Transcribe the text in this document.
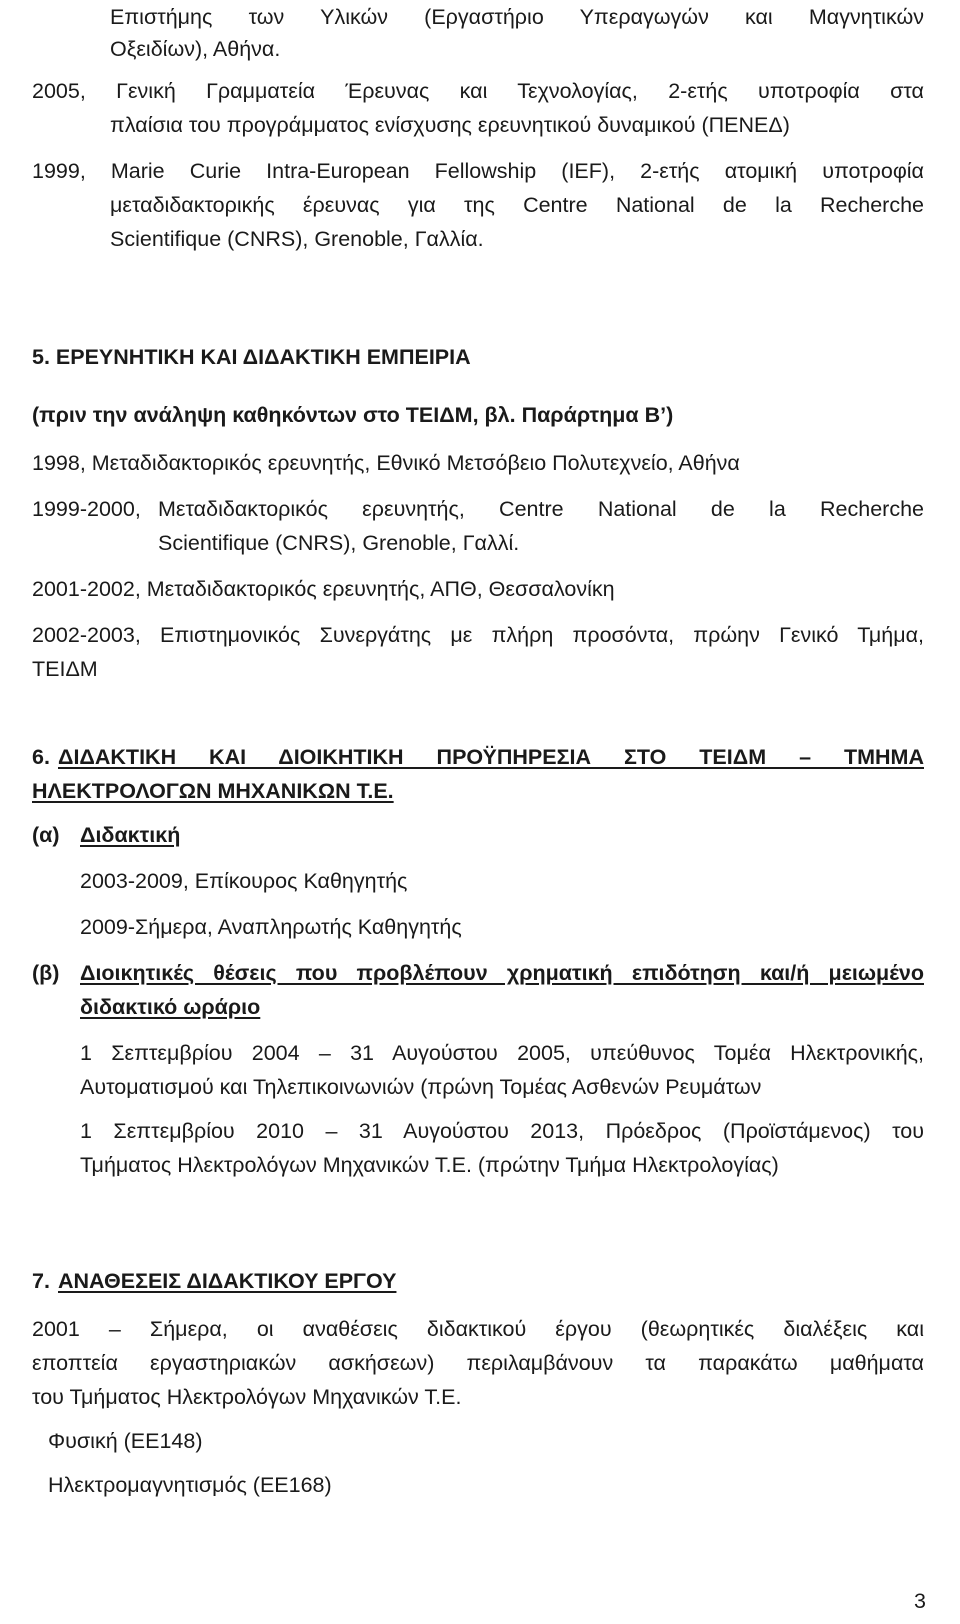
Επιστήμης των Υλικών (Εργαστήριο Υπεραγωγών και Μαγνητικών
Οξειδίων), Αθήνα.
2005, Γενική Γραμματεία Έρευνας και Τεχνολογίας, 2-ετής υποτροφία στα
πλαίσια του προγράμματος ενίσχυσης ερευνητικού δυναμικού (ΠΕΝΕΔ)
1999, Marie Curie Intra-European Fellowship (IEF), 2-ετής ατομική υποτροφία
μεταδιδακτορικής έρευνας για της Centre National de la Recherche
Scientifique (CNRS), Grenoble, Γαλλία.
5. ΕΡΕΥΝΗΤΙΚΗ ΚΑΙ ΔΙΔΑΚΤΙΚΗ ΕΜΠΕΙΡΙΑ
(πριν την ανάληψη καθηκόντων στο ΤΕΙΔΜ, βλ. Παράρτημα Β’)
1998, Μεταδιδακτορικός ερευνητής, Εθνικό Μετσόβειο Πολυτεχνείο, Αθήνα
1999-2000, Μεταδιδακτορικός ερευνητής, Centre National de la Recherche
Scientifique (CNRS), Grenoble, Γαλλί.
2001-2002, Μεταδιδακτορικός ερευνητής, ΑΠΘ, Θεσσαλονίκη
2002-2003, Επιστημονικός Συνεργάτης με πλήρη προσόντα, πρώην Γενικό Τμήμα,
ΤΕΙΔΜ
6. ΔΙΔΑΚΤΙΚΗ ΚΑΙ ΔΙΟΙΚΗΤΙΚΗ ΠΡΟΫΠΗΡΕΣΙΑ ΣΤΟ ΤΕΙΔΜ – ΤΜΗΜΑ
ΗΛΕΚΤΡΟΛΟΓΩΝ ΜΗΧΑΝΙΚΩΝ Τ.Ε.
(α) Διδακτική
2003-2009, Επίκουρος Καθηγητής
2009-Σήμερα, Αναπληρωτής Καθηγητής
(β) Διοικητικές θέσεις που προβλέπουν χρηματική επιδότηση και/ή μειωμένο
διδακτικό ωράριο
1 Σεπτεμβρίου 2004 – 31 Αυγούστου 2005, υπεύθυνος Τομέα Ηλεκτρονικής,
Αυτοματισμού και Τηλεπικοινωνιών (πρώνη Τομέας Ασθενών Ρευμάτων
1 Σεπτεμβρίου 2010 – 31 Αυγούστου 2013, Πρόεδρος (Προϊστάμενος) του
Τμήματος Ηλεκτρολόγων Μηχανικών Τ.Ε. (πρώτην Τμήμα Ηλεκτρολογίας)
7. ΑΝΑΘΕΣΕΙΣ ΔΙΔΑΚΤΙΚΟΥ ΕΡΓΟΥ
2001 – Σήμερα, οι αναθέσεις διδακτικού έργου (θεωρητικές διαλέξεις και
εποπτεία εργαστηριακών ασκήσεων) περιλαμβάνουν τα παρακάτω μαθήματα
του Τμήματος Ηλεκτρολόγων Μηχανικών Τ.Ε.
Φυσική (ΕΕ148)
Ηλεκτρομαγνητισμός (ΕΕ168)
3
